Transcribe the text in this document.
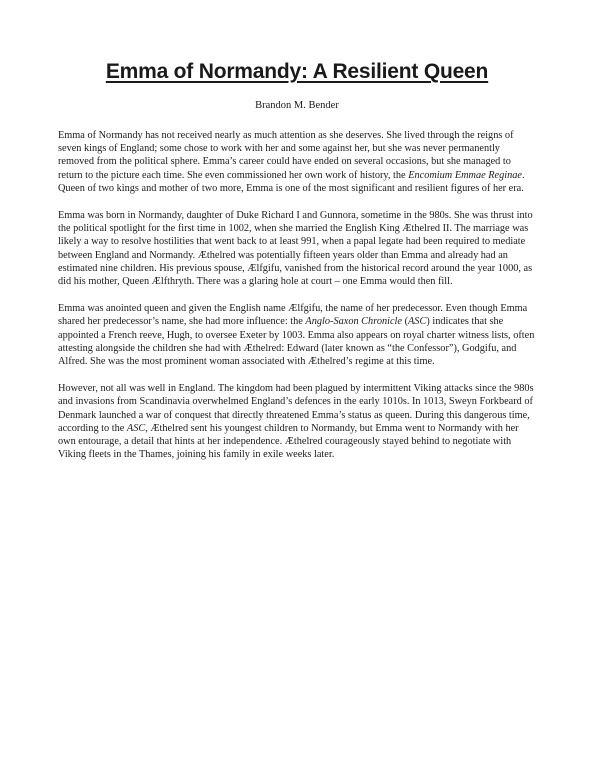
Emma of Normandy: A Resilient Queen

Brandon M. Bender

Emma of Normandy has not received nearly as much attention as she deserves. She lived through the reigns of seven kings of England; some chose to work with her and some against her, but she was never permanently removed from the political sphere. Emma’s career could have ended on several occasions, but she managed to return to the picture each time. She even commissioned her own work of history, the Encomium Emmae Reginae. Queen of two kings and mother of two more, Emma is one of the most significant and resilient figures of her era.

Emma was born in Normandy, daughter of Duke Richard I and Gunnora, sometime in the 980s. She was thrust into the political spotlight for the first time in 1002, when she married the English King Æthelred II. The marriage was likely a way to resolve hostilities that went back to at least 991, when a papal legate had been required to mediate between England and Normandy. Æthelred was potentially fifteen years older than Emma and already had an estimated nine children. His previous spouse, Ælfgifu, vanished from the historical record around the year 1000, as did his mother, Queen Ælfthryth. There was a glaring hole at court – one Emma would then fill.

Emma was anointed queen and given the English name Ælfgifu, the name of her predecessor. Even though Emma shared her predecessor’s name, she had more influence: the Anglo-Saxon Chronicle (ASC) indicates that she appointed a French reeve, Hugh, to oversee Exeter by 1003. Emma also appears on royal charter witness lists, often attesting alongside the children she had with Æthelred: Edward (later known as “the Confessor”), Godgifu, and Alfred. She was the most prominent woman associated with Æthelred’s regime at this time.

However, not all was well in England. The kingdom had been plagued by intermittent Viking attacks since the 980s and invasions from Scandinavia overwhelmed England’s defences in the early 1010s. In 1013, Sweyn Forkbeard of Denmark launched a war of conquest that directly threatened Emma’s status as queen. During this dangerous time, according to the ASC, Æthelred sent his youngest children to Normandy, but Emma went to Normandy with her own entourage, a detail that hints at her independence. Æthelred courageously stayed behind to negotiate with Viking fleets in the Thames, joining his family in exile weeks later.
